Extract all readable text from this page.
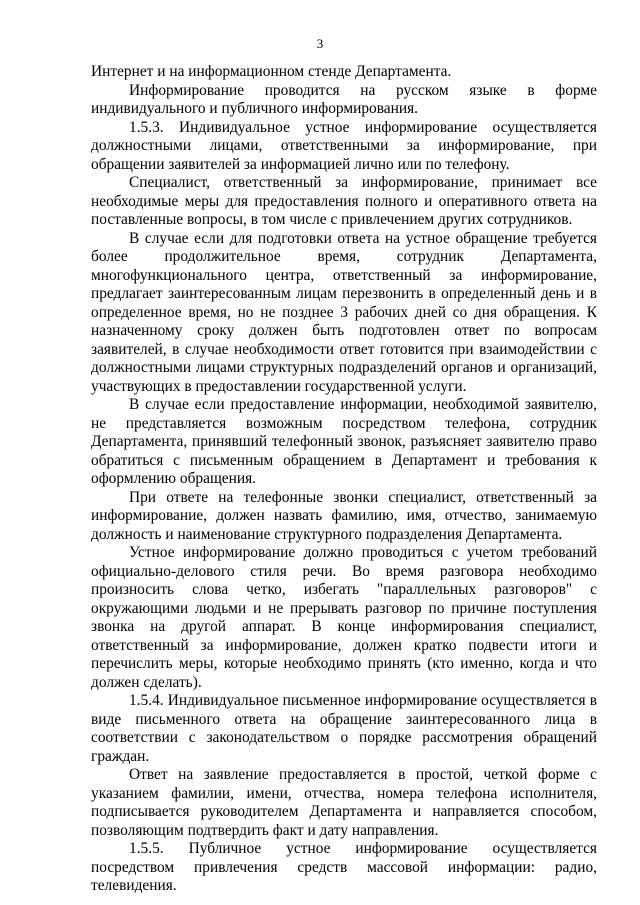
3

Интернет и на информационном стенде Департамента.

Информирование проводится на русском языке в форме индивидуального и публичного информирования.

1.5.3. Индивидуальное устное информирование осуществляется должностными лицами, ответственными за информирование, при обращении заявителей за информацией лично или по телефону.

Специалист, ответственный за информирование, принимает все необходимые меры для предоставления полного и оперативного ответа на поставленные вопросы, в том числе с привлечением других сотрудников.

В случае если для подготовки ответа на устное обращение требуется более продолжительное время, сотрудник Департамента, многофункционального центра, ответственный за информирование, предлагает заинтересованным лицам перезвонить в определенный день и в определенное время, но не позднее 3 рабочих дней со дня обращения. К назначенному сроку должен быть подготовлен ответ по вопросам заявителей, в случае необходимости ответ готовится при взаимодействии с должностными лицами структурных подразделений органов и организаций, участвующих в предоставлении государственной услуги.

В случае если предоставление информации, необходимой заявителю, не представляется возможным посредством телефона, сотрудник Департамента, принявший телефонный звонок, разъясняет заявителю право обратиться с письменным обращением в Департамент и требования к оформлению обращения.

При ответе на телефонные звонки специалист, ответственный за информирование, должен назвать фамилию, имя, отчество, занимаемую должность и наименование структурного подразделения Департамента.

Устное информирование должно проводиться с учетом требований официально-делового стиля речи. Во время разговора необходимо произносить слова четко, избегать "параллельных разговоров" с окружающими людьми и не прерывать разговор по причине поступления звонка на другой аппарат. В конце информирования специалист, ответственный за информирование, должен кратко подвести итоги и перечислить меры, которые необходимо принять (кто именно, когда и что должен сделать).

1.5.4. Индивидуальное письменное информирование осуществляется в виде письменного ответа на обращение заинтересованного лица в соответствии с законодательством о порядке рассмотрения обращений граждан.

Ответ на заявление предоставляется в простой, четкой форме с указанием фамилии, имени, отчества, номера телефона исполнителя, подписывается руководителем Департамента и направляется способом, позволяющим подтвердить факт и дату направления.

1.5.5. Публичное устное информирование осуществляется посредством привлечения средств массовой информации: радио, телевидения.
